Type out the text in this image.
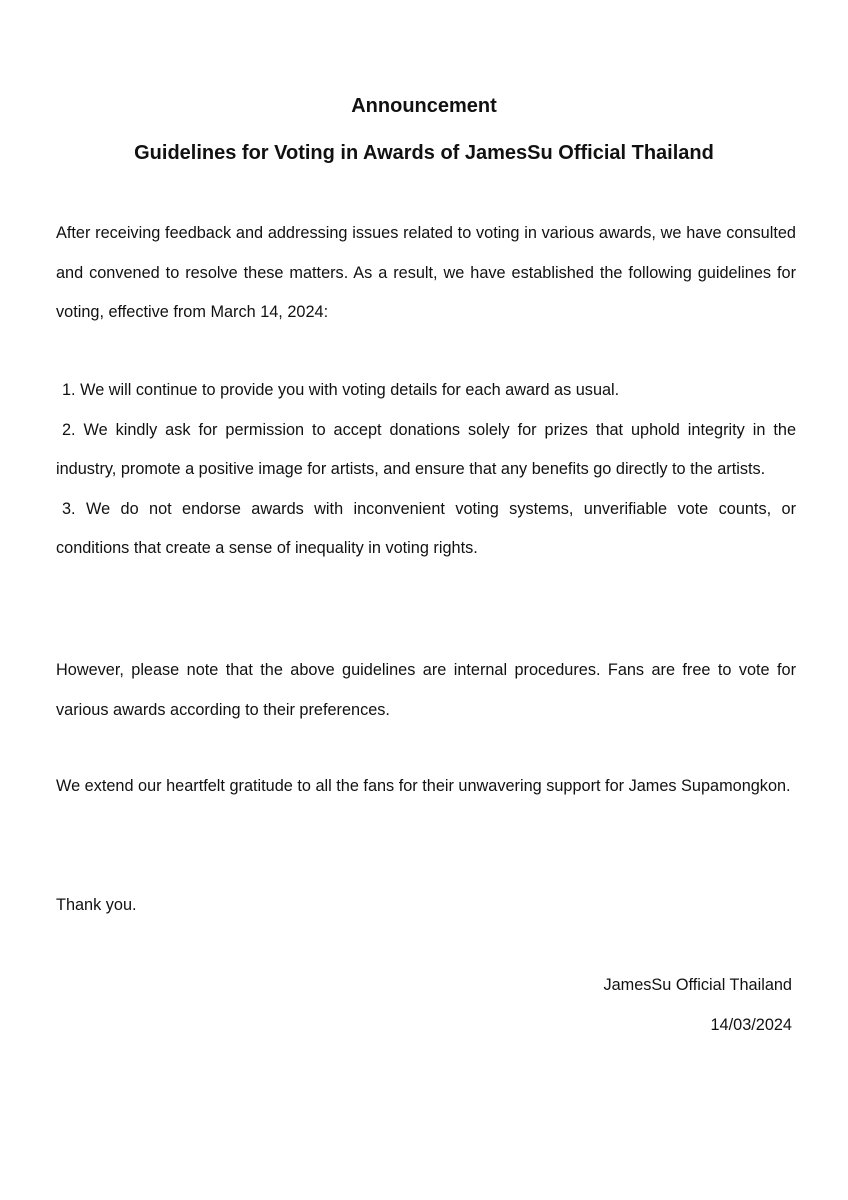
Announcement
Guidelines for Voting in Awards of JamesSu Official Thailand

After receiving feedback and addressing issues related to voting in various awards, we have consulted and convened to resolve these matters. As a result, we have established the following guidelines for voting, effective from March 14, 2024:

1. We will continue to provide you with voting details for each award as usual.
2. We kindly ask for permission to accept donations solely for prizes that uphold integrity in the industry, promote a positive image for artists, and ensure that any benefits go directly to the artists.
3. We do not endorse awards with inconvenient voting systems, unverifiable vote counts, or conditions that create a sense of inequality in voting rights.

However, please note that the above guidelines are internal procedures. Fans are free to vote for various awards according to their preferences.

We extend our heartfelt gratitude to all the fans for their unwavering support for James Supamongkon.

Thank you.

JamesSu Official Thailand
14/03/2024
